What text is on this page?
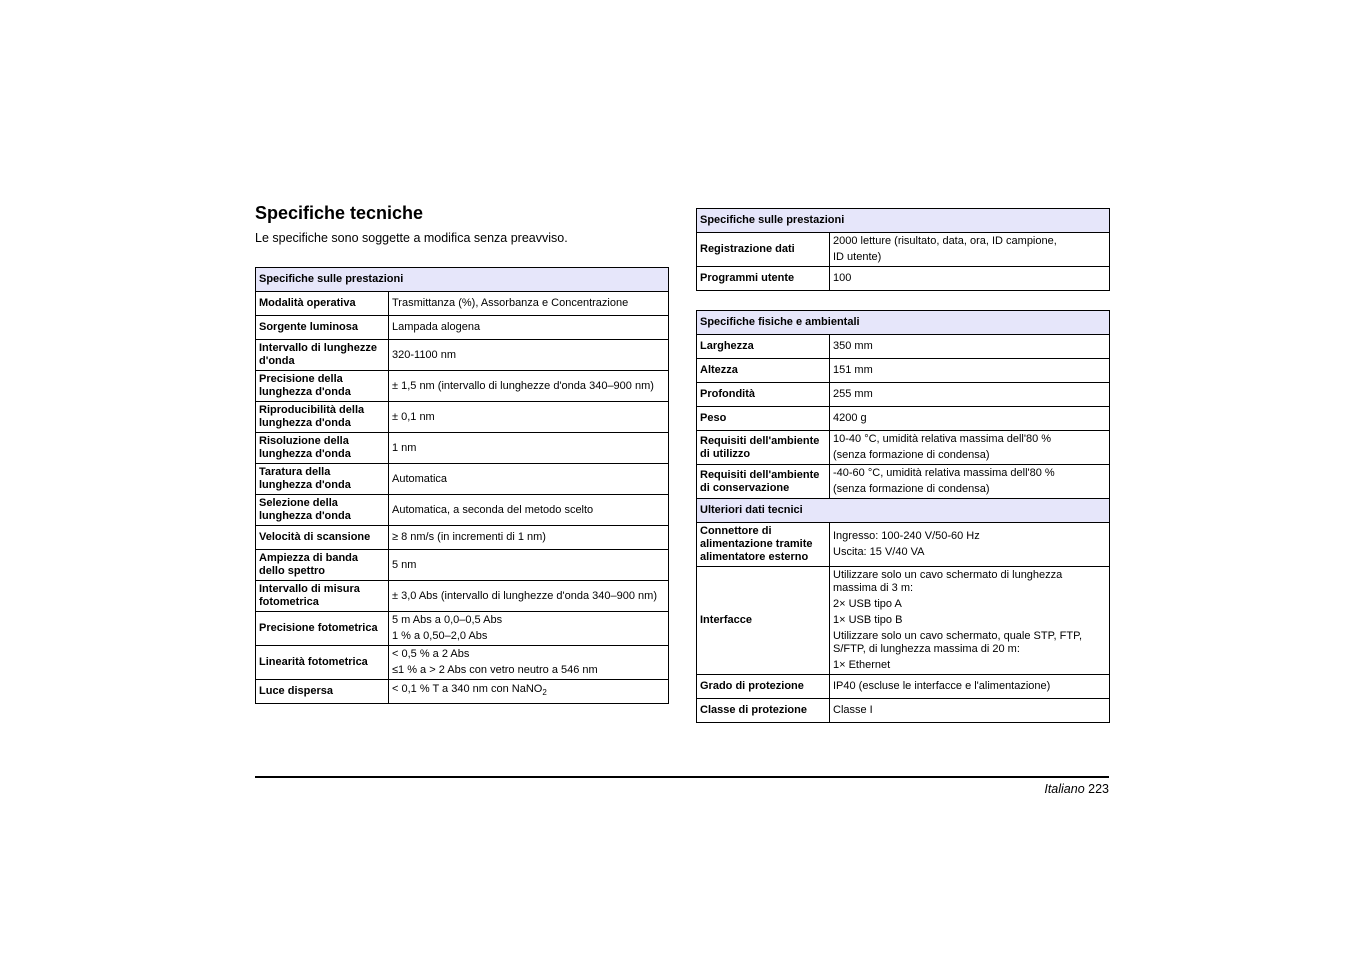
Specifiche tecniche

Le specifiche sono soggette a modifica senza preavviso.

Specifiche sulle prestazioni	
Modalità operativa	Trasmittanza (%), Assorbanza e Concentrazione

Sorgente luminosa	Lampada alogena

Intervallo di lunghezze d'onda	320-1100 nm

Precisione della lunghezza d'onda	± 1,5 nm (intervallo di lunghezze d'onda 340–900 nm)

Riproducibilità della lunghezza d'onda	± 0,1 nm

Risoluzione della lunghezza d'onda	1 nm

Taratura della lunghezza d'onda	Automatica

Selezione della lunghezza d'onda	Automatica, a seconda del metodo scelto

Velocità di scansione	≥ 8 nm/s (in incrementi di 1 nm)

Ampiezza di banda dello spettro	5 nm

Intervallo di misura fotometrica	± 3,0 Abs (intervallo di lunghezze d'onda 340–900 nm)

Precisione fotometrica	5 m Abs a 0,0–0,5 Abs
1 % a 0,50–2,0 Abs

Linearità fotometrica	< 0,5 % a 2 Abs
≤1 % a > 2 Abs con vetro neutro a 546 nm

Luce dispersa	< 0,1 % T a 340 nm con NaNO$_2$
Specifiche sulle prestazioni	
Registrazione dati	2000 letture (risultato, data, ora, ID campione,
ID utente)

Programmi utente	100
Specifiche fisiche e ambientali	
Larghezza	350 mm

Altezza	151 mm

Profondità	255 mm

Peso	4200 g

Requisiti dell'ambiente di utilizzo	10-40 °C, umidità relativa massima dell'80 %
(senza formazione di condensa)

Requisiti dell'ambiente di conservazione	-40-60 °C, umidità relativa massima dell'80 %
(senza formazione di condensa)

Ulteriori dati tecnici	
Connettore di alimentazione tramite alimentatore esterno	Ingresso: 100-240 V/50-60 Hz
Uscita: 15 V/40 VA

Interfacce	Utilizzare solo un cavo schermato di lunghezza massima di 3 m:
2× USB tipo A
1× USB tipo B
Utilizzare solo un cavo schermato, quale STP, FTP, S/FTP, di lunghezza massima di 20 m:
1× Ethernet

Grado di protezione	IP40 (escluse le interfacce e l'alimentazione)

Classe di protezione	Classe I
Italiano 223
